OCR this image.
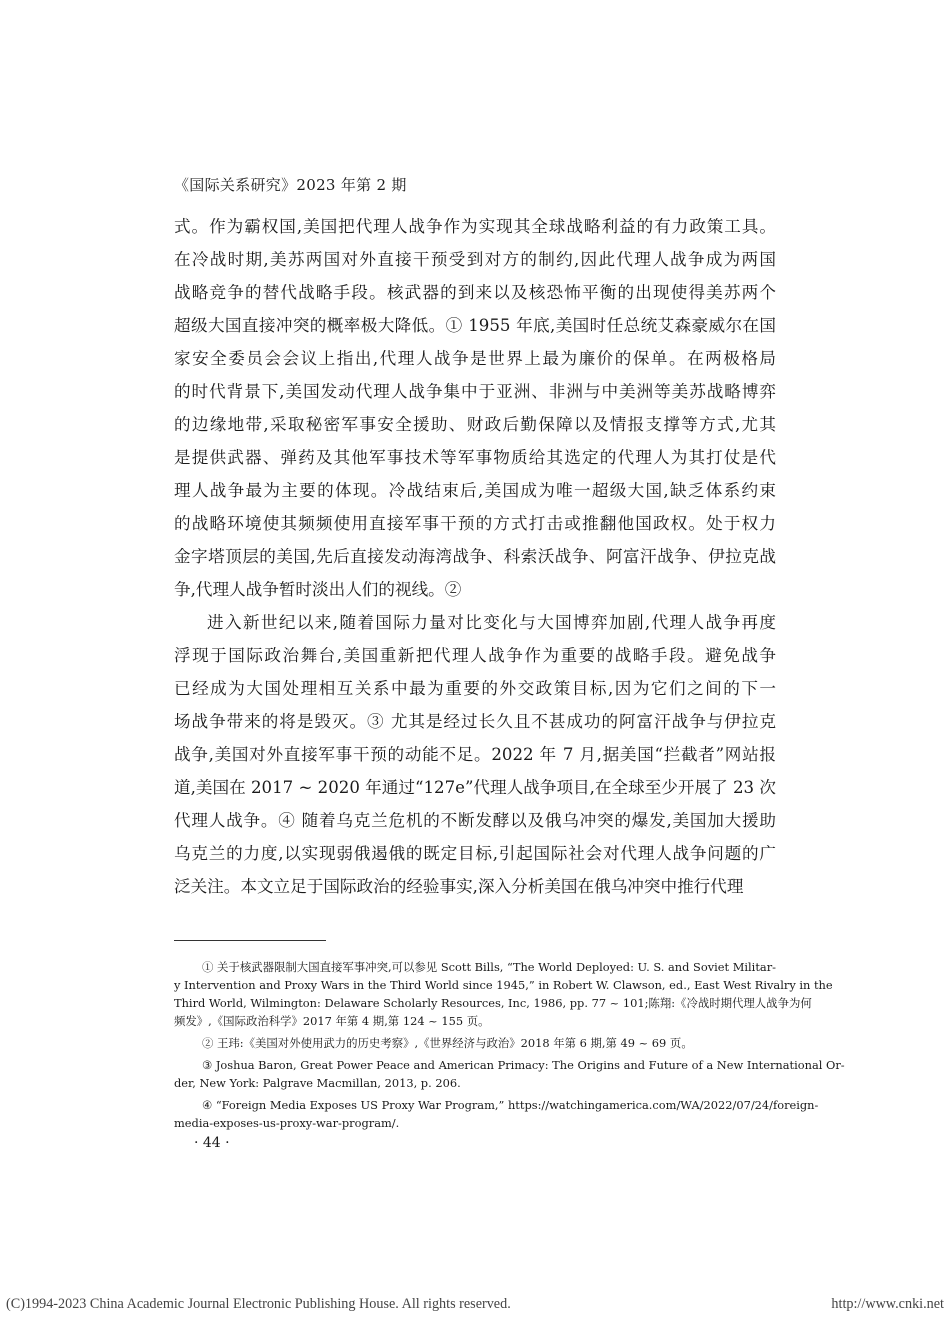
《国际关系研究》2023 年第 2 期
式。作为霸权国,美国把代理人战争作为实现其全球战略利益的有力政策工具。
在冷战时期,美苏两国对外直接干预受到对方的制约,因此代理人战争成为两国
战略竞争的替代战略手段。核武器的到来以及核恐怖平衡的出现使得美苏两个
超级大国直接冲突的概率极大降低。① 1955 年底,美国时任总统艾森豪威尔在国
家安全委员会会议上指出,代理人战争是世界上最为廉价的保单。在两极格局
的时代背景下,美国发动代理人战争集中于亚洲、非洲与中美洲等美苏战略博弈
的边缘地带,采取秘密军事安全援助、财政后勤保障以及情报支撑等方式,尤其
是提供武器、弹药及其他军事技术等军事物质给其选定的代理人为其打仗是代
理人战争最为主要的体现。冷战结束后,美国成为唯一超级大国,缺乏体系约束
的战略环境使其频频使用直接军事干预的方式打击或推翻他国政权。处于权力
金字塔顶层的美国,先后直接发动海湾战争、科索沃战争、阿富汗战争、伊拉克战
争,代理人战争暂时淡出人们的视线。②
进入新世纪以来,随着国际力量对比变化与大国博弈加剧,代理人战争再度
浮现于国际政治舞台,美国重新把代理人战争作为重要的战略手段。避免战争
已经成为大国处理相互关系中最为重要的外交政策目标,因为它们之间的下一
场战争带来的将是毁灭。③ 尤其是经过长久且不甚成功的阿富汗战争与伊拉克
战争,美国对外直接军事干预的动能不足。2022 年 7 月,据美国“拦截者”网站报
道,美国在 2017 ~ 2020 年通过“127e”代理人战争项目,在全球至少开展了 23 次
代理人战争。④ 随着乌克兰危机的不断发酵以及俄乌冲突的爆发,美国加大援助
乌克兰的力度,以实现弱俄遏俄的既定目标,引起国际社会对代理人战争问题的广
泛关注。本文立足于国际政治的经验事实,深入分析美国在俄乌冲突中推行代理
① 关于核武器限制大国直接军事冲突,可以参见 Scott Bills, “The World Deployed: U. S. and Soviet Militar-
y Intervention and Proxy Wars in the Third World since 1945,” in Robert W. Clawson, ed., East West Rivalry in the
Third World, Wilmington: Delaware Scholarly Resources, Inc, 1986, pp. 77 ~ 101;陈翔:《冷战时期代理人战争为何
频发》,《国际政治科学》2017 年第 4 期,第 124 ~ 155 页。
② 王玮:《美国对外使用武力的历史考察》,《世界经济与政治》2018 年第 6 期,第 49 ~ 69 页。
③ Joshua Baron, Great Power Peace and American Primacy: The Origins and Future of a New International Or-
der, New York: Palgrave Macmillan, 2013, p. 206.
④ “Foreign Media Exposes US Proxy War Program,” https://watchingamerica.com/WA/2022/07/24/foreign-
media-exposes-us-proxy-war-program/.
· 44 ·
(C)1994-2023 China Academic Journal Electronic Publishing House. All rights reserved.	http://www.cnki.net
